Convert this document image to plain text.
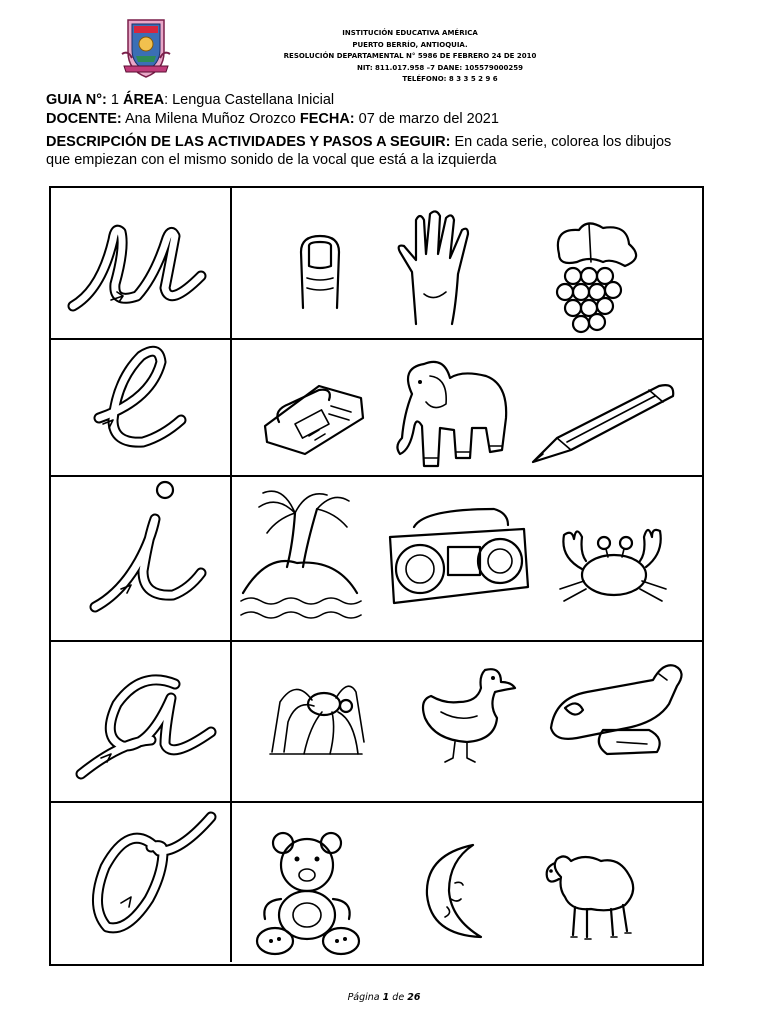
INSTITUCIÓN EDUCATIVA AMÉRICA
PUERTO BERRÍO, ANTIOQUIA.
RESOLUCIÓN DEPARTAMENTAL N° 5986 DE FEBRERO 24 DE 2010
NIT: 811.017.958 –7 DANE: 105579000259
TELÉFONO: 8 3 3 5 2 9 6
GUIA N°: 1 ÁREA: Lengua Castellana Inicial
DOCENTE: Ana Milena Muñoz Orozco FECHA: 07 de marzo del 2021
DESCRIPCIÓN DE LAS ACTIVIDADES Y PASOS A SEGUIR: En cada serie, colorea los dibujos
que empiezan con el mismo sonido de la vocal que está a la izquierda
Página 1 de 26
